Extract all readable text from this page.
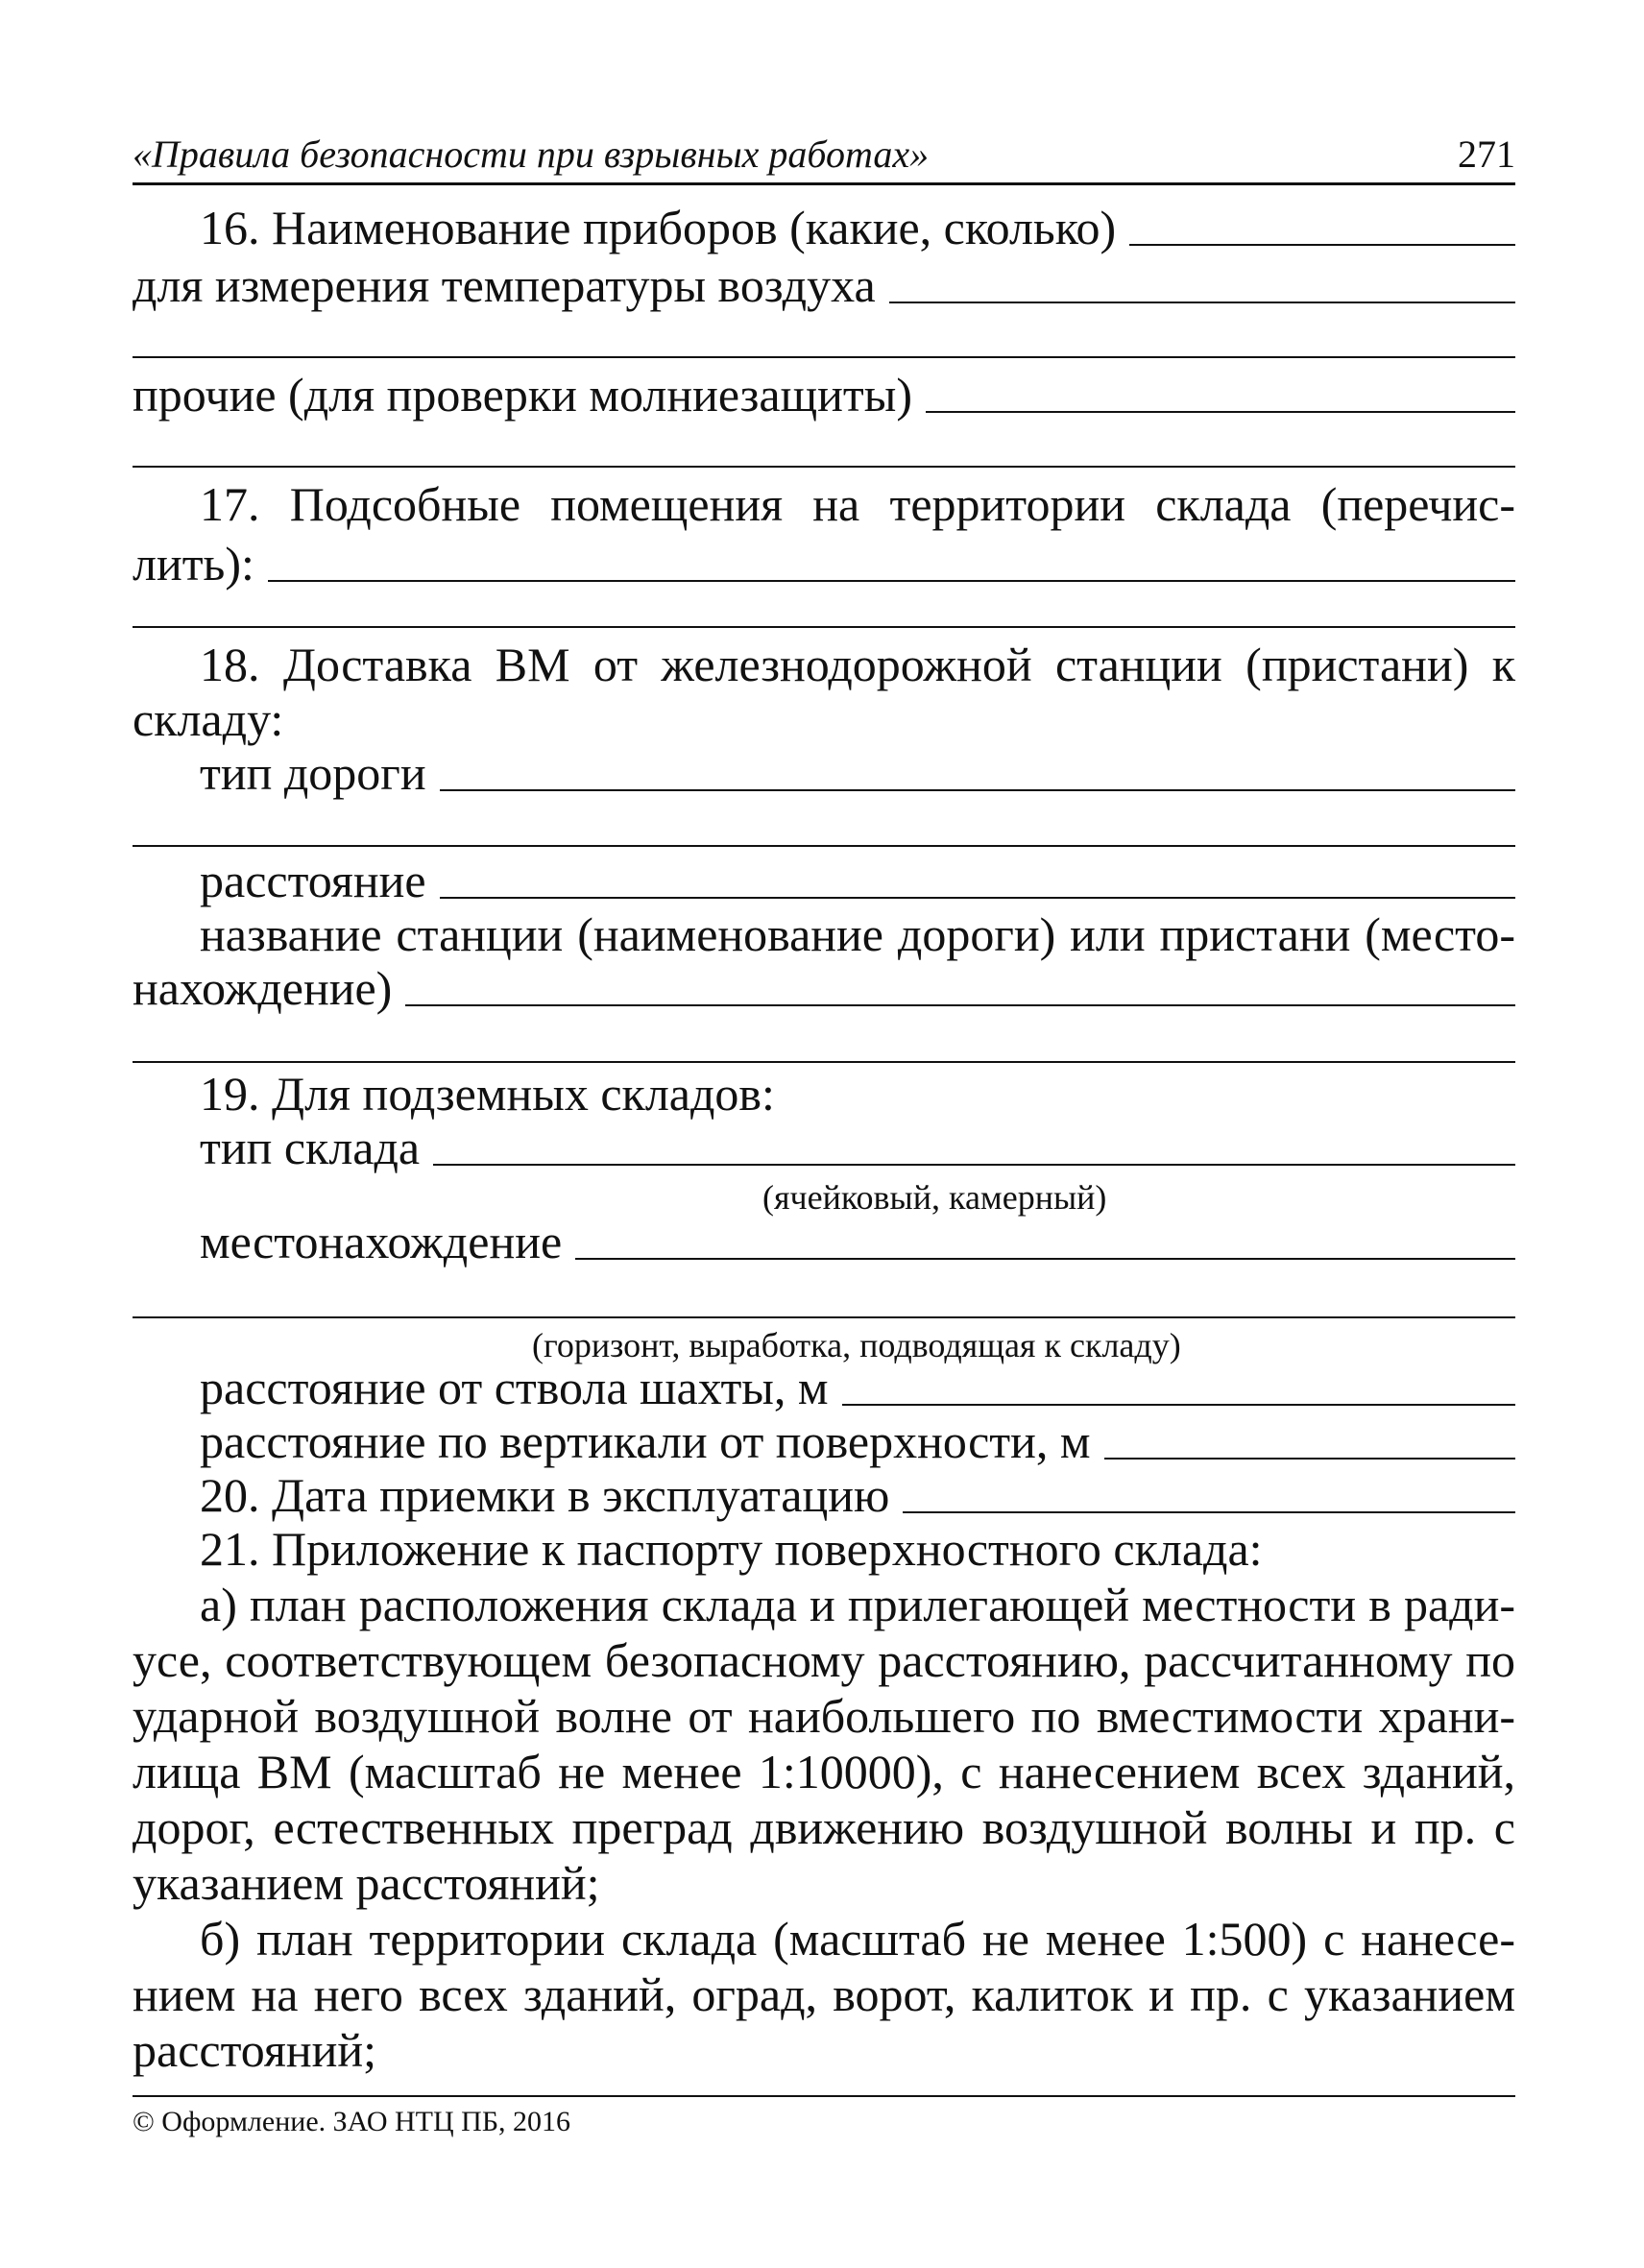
«Правила безопасности при взрывных работах»	271
16. Наименование приборов (какие, сколько)
для измерения температуры воздуха
прочие (для проверки молниезащиты)
17. Подсобные помещения на территории склада (перечис-
лить):
18. Доставка ВМ от железнодорожной станции (пристани) к
складу:
тип дороги
расстояние
название станции (наименование дороги) или пристани (место-
нахождение)
19. Для подземных складов:
тип склада
(ячейковый, камерный)
местонахождение
(горизонт, выработка, подводящая к складу)
расстояние от ствола шахты, м
расстояние по вертикали от поверхности, м
20. Дата приемки в эксплуатацию
21. Приложение к паспорту поверхностного склада:
а) план расположения склада и прилегающей местности в ради-
усе, соответствующем безопасному расстоянию, рассчитанному по
ударной воздушной волне от наибольшего по вместимости храни-
лища ВМ (масштаб не менее 1:10000), с нанесением всех зданий,
дорог, естественных преград движению воздушной волны и пр. с
указанием расстояний;
б) план территории склада (масштаб не менее 1:500) с нанесе-
нием на него всех зданий, оград, ворот, калиток и пр. с указанием
расстояний;
© Оформление. ЗАО НТЦ ПБ, 2016
